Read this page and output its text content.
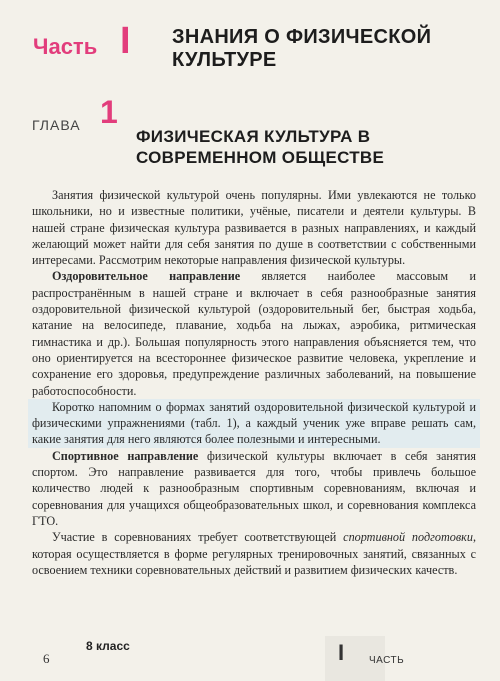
Часть I ЗНАНИЯ О ФИЗИЧЕСКОЙ КУЛЬТУРЕ
ГЛАВА 1
ФИЗИЧЕСКАЯ КУЛЬТУРА В СОВРЕМЕННОМ ОБЩЕСТВЕ

Занятия физической культурой очень популярны. Ими увлекаются не только школьники, но и известные политики, учёные, писатели и деятели культуры. В нашей стране физическая культура развивается в разных направлениях, и каждый желающий может найти для себя занятия по душе в соответствии с собственными интересами. Рассмотрим некоторые направления физической культуры.

Оздоровительное направление является наиболее массовым и распространённым в нашей стране и включает в себя разнообразные занятия оздоровительной физической культурой (оздоровительный бег, быстрая ходьба, катание на велосипеде, плавание, ходьба на лыжах, аэробика, ритмическая гимнастика и др.). Большая популярность этого направления объясняется тем, что оно ориентируется на всестороннее физическое развитие человека, укрепление и сохранение его здоровья, предупреждение различных заболеваний, на повышение работоспособности.

Коротко напомним о формах занятий оздоровительной физической культурой и физическими упражнениями (табл. 1), а каждый ученик уже вправе решать сам, какие занятия для него являются более полезными и интересными.

Спортивное направление физической культуры включает в себя занятия спортом. Это направление развивается для того, чтобы привлечь большое количество людей к разнообразным спортивным соревнованиям, включая и соревнования для учащихся общеобразовательных школ, и соревнования комплекса ГТО.

Участие в соревнованиях требует соответствующей спортивной подготовки, которая осуществляется в форме регулярных тренировочных занятий, связанных с освоением техники соревновательных действий и развитием физических качеств.

6
8 класс	I ЧАСТЬ
